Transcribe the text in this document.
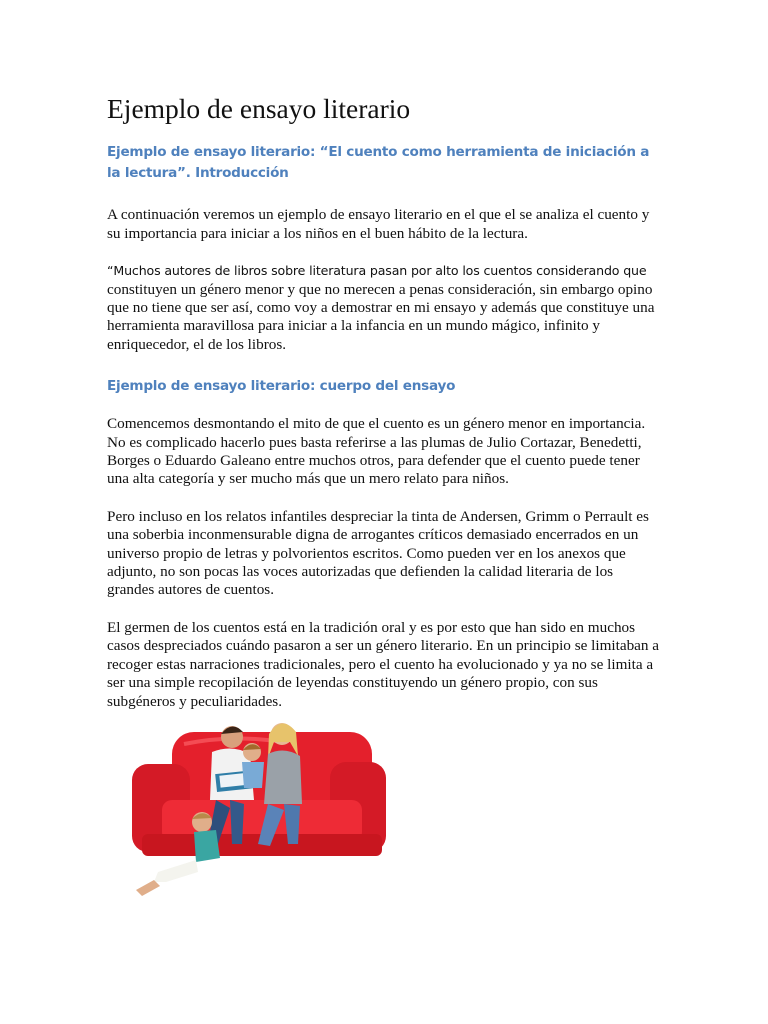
Ejemplo de ensayo literario
Ejemplo de ensayo literario: “El cuento como herramienta de iniciación a la lectura”. Introducción

A continuación veremos un ejemplo de ensayo literario en el que el se analiza el cuento y su importancia para iniciar a los niños en el buen hábito de la lectura.

“Muchos autores de libros sobre literatura pasan por alto los cuentos considerando que constituyen un género menor y que no merecen a penas consideración, sin embargo opino que no tiene que ser así, como voy a demostrar en mi ensayo y además que constituye una herramienta maravillosa para iniciar a la infancia en un mundo mágico, infinito y enriquecedor, el de los libros.

Ejemplo de ensayo literario: cuerpo del ensayo

Comencemos desmontando el mito de que el cuento es un género menor en importancia. No es complicado hacerlo pues basta referirse a las plumas de Julio Cortazar, Benedetti, Borges o Eduardo Galeano entre muchos otros, para defender que el cuento puede tener una alta categoría y ser mucho más que un mero relato para niños.

Pero incluso en los relatos infantiles despreciar la tinta de Andersen, Grimm o Perrault es una soberbia inconmensurable digna de arrogantes críticos demasiado encerrados en un universo propio de letras y polvorientos escritos. Como pueden ver en los anexos que adjunto, no son pocas las voces autorizadas que defienden la calidad literaria de los grandes autores de cuentos.

El germen de los cuentos está en la tradición oral y es por esto que han sido en muchos casos despreciados cuándo pasaron a ser un género literario. En un principio se limitaban a recoger estas narraciones tradicionales, pero el cuento ha evolucionado y ya no se limita a ser una simple recopilación de leyendas constituyendo un género propio, con sus subgéneros y peculiaridades.
